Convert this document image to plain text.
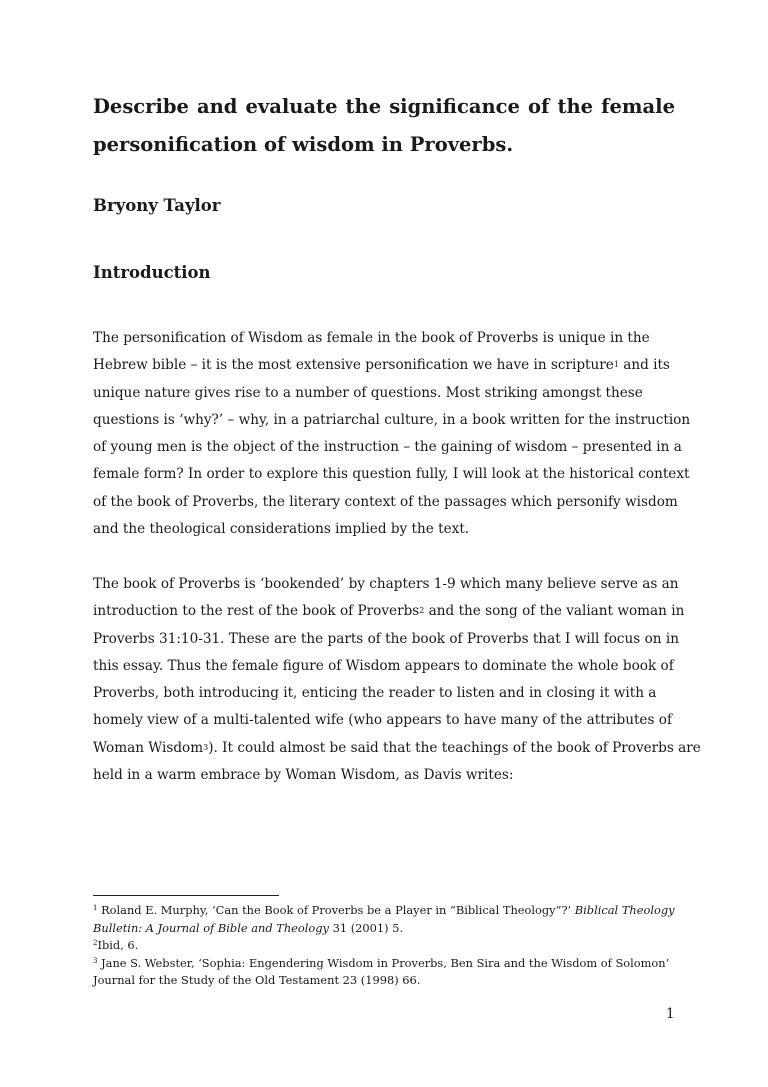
Describe and evaluate the significance of the female
personification of wisdom in Proverbs.

Bryony Taylor

Introduction
The personification of Wisdom as female in the book of Proverbs is unique in the
Hebrew bible – it is the most extensive personification we have in scripture$^1$ and its
unique nature gives rise to a number of questions. Most striking amongst these
questions is ‘why?’ – why, in a patriarchal culture, in a book written for the instruction
of young men is the object of the instruction – the gaining of wisdom – presented in a
female form? In order to explore this question fully, I will look at the historical context
of the book of Proverbs, the literary context of the passages which personify wisdom
and the theological considerations implied by the text.
The book of Proverbs is ‘bookended’ by chapters 1-9 which many believe serve as an
introduction to the rest of the book of Proverbs$^2$ and the song of the valiant woman in
Proverbs 31:10-31. These are the parts of the book of Proverbs that I will focus on in
this essay. Thus the female figure of Wisdom appears to dominate the whole book of
Proverbs, both introducing it, enticing the reader to listen and in closing it with a
homely view of a multi-talented wife (who appears to have many of the attributes of
Woman Wisdom$^3$). It could almost be said that the teachings of the book of Proverbs are
held in a warm embrace by Woman Wisdom, as Davis writes:
$^1$ Roland E. Murphy, ‘Can the Book of Proverbs be a Player in “Biblical Theology”?’ Biblical Theology
Bulletin: A Journal of Bible and Theology 31 (2001) 5.
$^2$Ibid, 6.
$^3$ Jane S. Webster, ‘Sophia: Engendering Wisdom in Proverbs, Ben Sira and the Wisdom of Solomon’
Journal for the Study of the Old Testament 23 (1998) 66.
1
